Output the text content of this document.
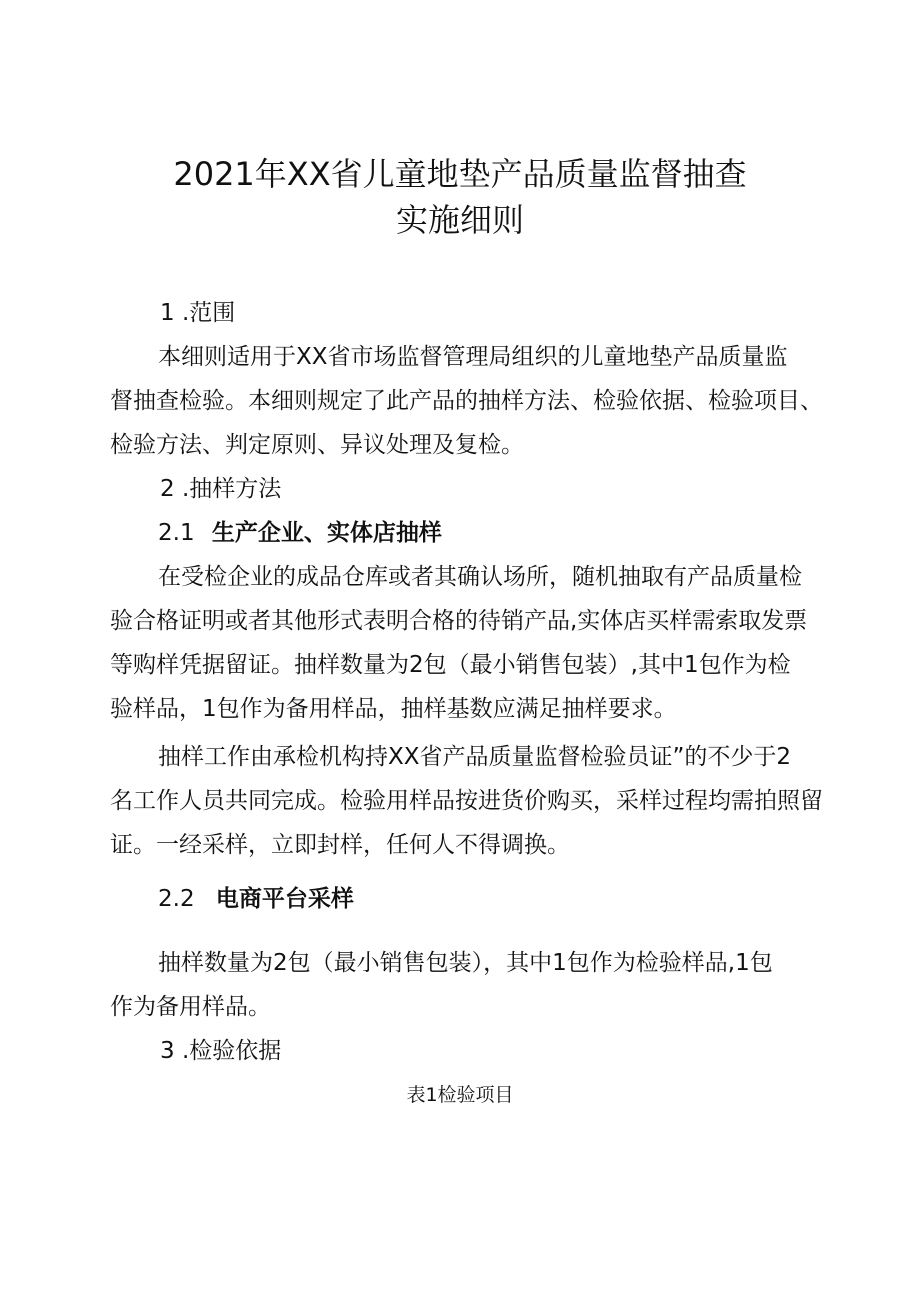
2021年XX省儿童地垫产品质量监督抽查
实施细则
1 .范围
本细则适用于XX省市场监督管理局组织的儿童地垫产品质量监
督抽查检验。本细则规定了此产品的抽样方法、检验依据、检验项目、
检验方法、判定原则、异议处理及复检。
2 .抽样方法
2.1 生产企业、实体店抽样
在受检企业的成品仓库或者其确认场所，随机抽取有产品质量检
验合格证明或者其他形式表明合格的待销产品,实体店买样需索取发票
等购样凭据留证。抽样数量为2包（最小销售包装）,其中1包作为检
验样品，1包作为备用样品，抽样基数应满足抽样要求。
抽样工作由承检机构持XX省产品质量监督检验员证”的不少于2
名工作人员共同完成。检验用样品按进货价购买，采样过程均需拍照留
证。一经采样，立即封样，任何人不得调换。
2.2 电商平台采样
抽样数量为2包（最小销售包装），其中1包作为检验样品,1包
作为备用样品。
3 .检验依据
表1检验项目
